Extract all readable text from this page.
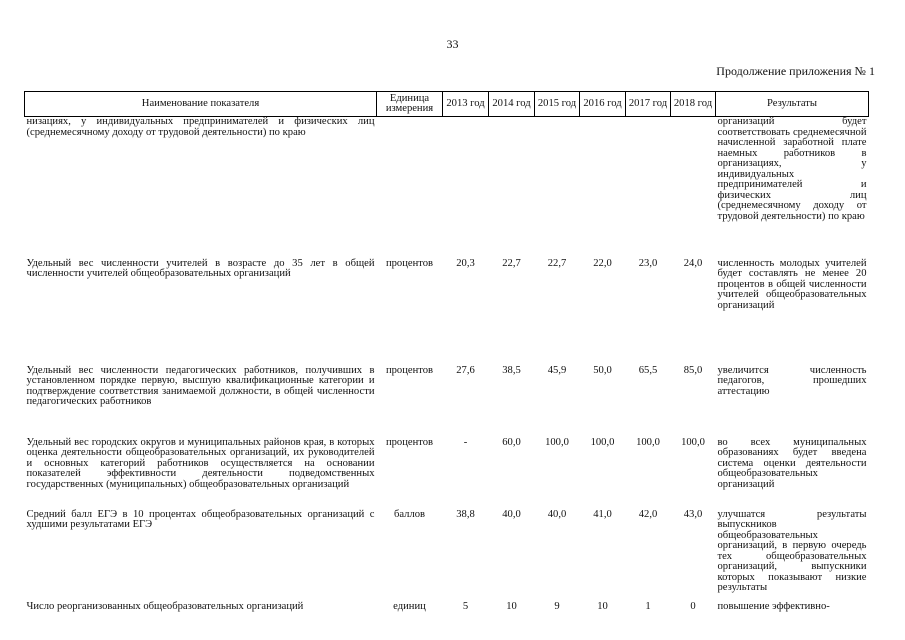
33
Продолжение приложения № 1
Наименование показателя	Единица измерения	2013 год	2014 год	2015 год	2016 год	2017 год	2018 год	Результаты
низациях, у индивидуальных предпринимателей и физических лиц (среднемесячному доходу от трудовой деятельности) по краю								организаций будет соответствовать среднемесячной начисленной заработной плате наемных работников в организациях, у индивидуальных предпринимателей и физических лиц (среднемесячному доходу от трудовой деятельности) по краю
Удельный вес численности учителей в возрасте до 35 лет в общей численности учителей общеобразовательных организаций	процентов	20,3	22,7	22,7	22,0	23,0	24,0	численность молодых учителей будет составлять не менее 20 процентов в общей численности учителей общеобразовательных организаций
Удельный вес численности педагогических работников, получивших в установленном порядке первую, высшую квалификационные категории и подтверждение соответствия занимаемой должности, в общей численности педагогических работников	процентов	27,6	38,5	45,9	50,0	65,5	85,0	увеличится численность педагогов, прошедших аттестацию
Удельный вес городских округов и муниципальных районов края, в которых оценка деятельности общеобразовательных организаций, их руководителей и основных категорий работников осуществляется на основании показателей эффективности деятельности подведомственных государственных (муниципальных) общеобразовательных организаций	процентов	-	60,0	100,0	100,0	100,0	100,0	во всех муниципальных образованиях будет введена система оценки деятельности общеобразовательных организаций
Средний балл ЕГЭ в 10 процентах общеобразовательных организаций с худшими результатами ЕГЭ	баллов	38,8	40,0	40,0	41,0	42,0	43,0	улучшатся результаты выпускников общеобразовательных организаций, в первую очередь тех общеобразовательных организаций, выпускники которых показывают низкие результаты
Число реорганизованных общеобразовательных организаций	единиц	5	10	9	10	1	0	повышение эффективно-
